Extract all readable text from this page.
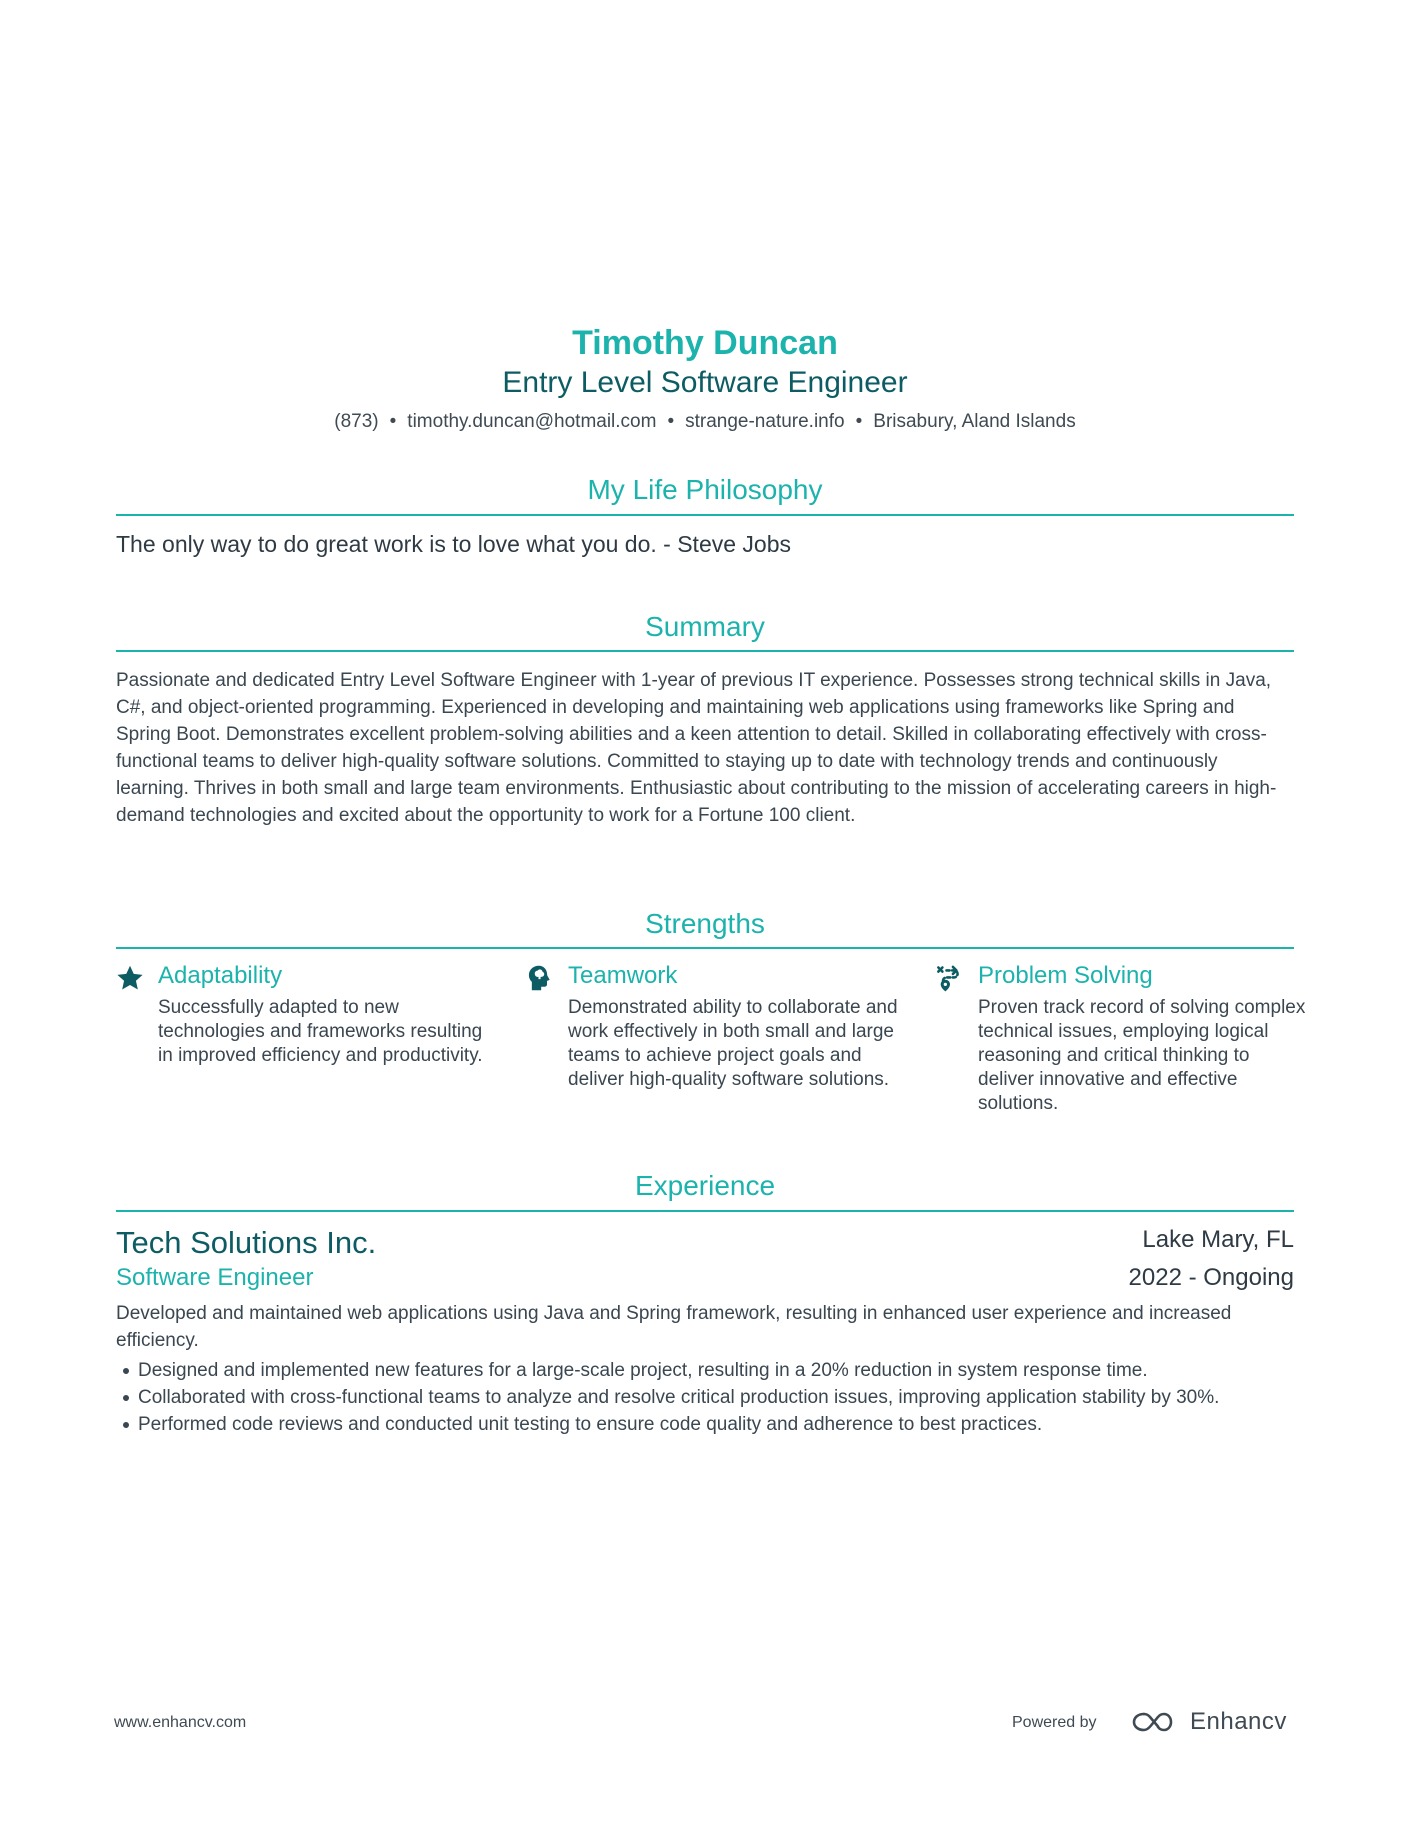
Timothy Duncan
Entry Level Software Engineer
(873) • timothy.duncan@hotmail.com • strange-nature.info • Brisabury, Aland Islands
My Life Philosophy
The only way to do great work is to love what you do. - Steve Jobs
Summary
Passionate and dedicated Entry Level Software Engineer with 1-year of previous IT experience. Possesses strong technical skills in Java, C#, and object-oriented programming. Experienced in developing and maintaining web applications using frameworks like Spring and Spring Boot. Demonstrates excellent problem-solving abilities and a keen attention to detail. Skilled in collaborating effectively with cross-functional teams to deliver high-quality software solutions. Committed to staying up to date with technology trends and continuously learning. Thrives in both small and large team environments. Enthusiastic about contributing to the mission of accelerating careers in high-demand technologies and excited about the opportunity to work for a Fortune 100 client.
Strengths
Adaptability
Successfully adapted to new technologies and frameworks resulting in improved efficiency and productivity.
Teamwork
Demonstrated ability to collaborate and work effectively in both small and large teams to achieve project goals and deliver high-quality software solutions.
Problem Solving
Proven track record of solving complex technical issues, employing logical reasoning and critical thinking to deliver innovative and effective solutions.
Experience
Tech Solutions Inc.	Lake Mary, FL
Software Engineer	2022 - Ongoing
Developed and maintained web applications using Java and Spring framework, resulting in enhanced user experience and increased efficiency.
Designed and implemented new features for a large-scale project, resulting in a 20% reduction in system response time.
Collaborated with cross-functional teams to analyze and resolve critical production issues, improving application stability by 30%.
Performed code reviews and conducted unit testing to ensure code quality and adherence to best practices.
www.enhancv.com	Powered by	Enhancv
